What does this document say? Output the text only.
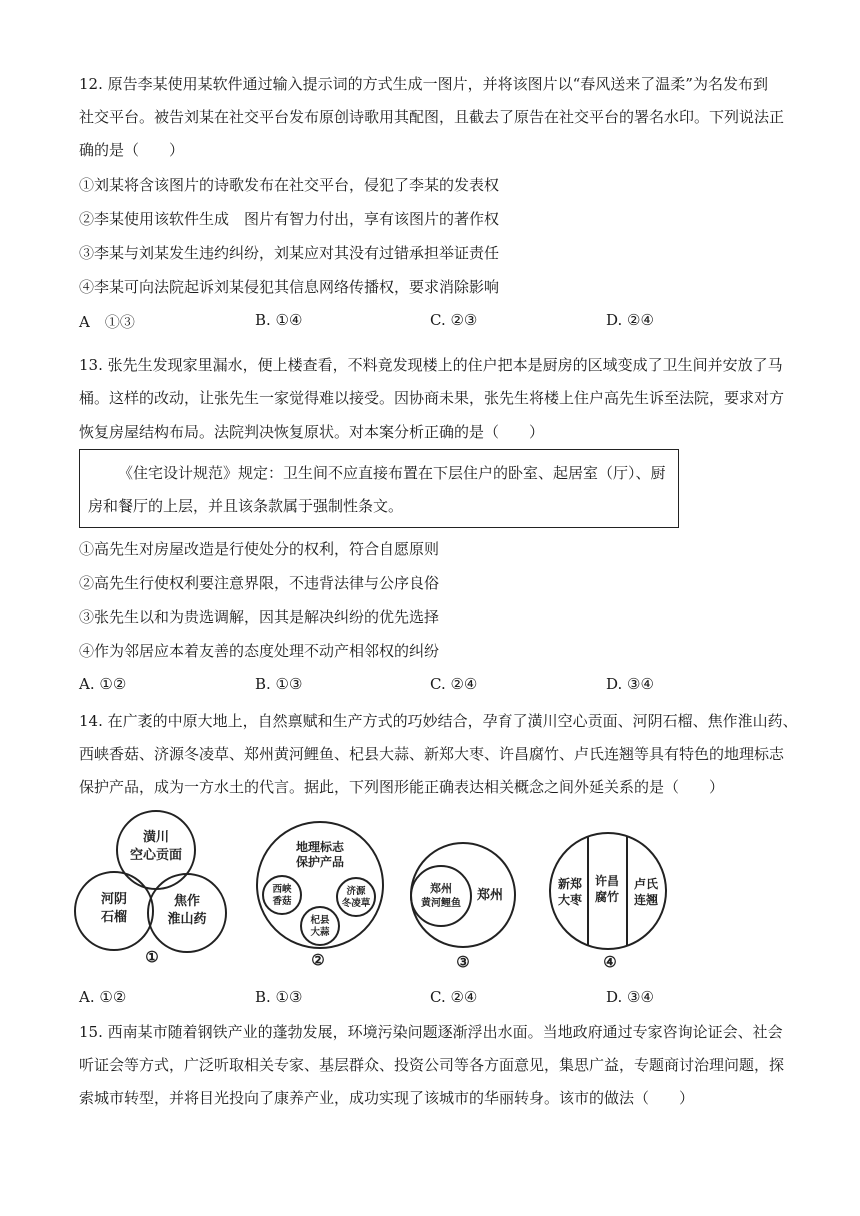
12. 原告李某使用某软件通过输入提示词的方式生成一图片，并将该图片以“春风送来了温柔”为名发布到
社交平台。被告刘某在社交平台发布原创诗歌用其配图，且截去了原告在社交平台的署名水印。下列说法正
确的是（　　）
①刘某将含该图片的诗歌发布在社交平台，侵犯了李某的发表权
②李某使用该软件生成　图片有智力付出，享有该图片的著作权
③李某与刘某发生违约纠纷，刘某应对其没有过错承担举证责任
④李某可向法院起诉刘某侵犯其信息网络传播权，要求消除影响
A　①③	B. ①④	C. ②③	D. ②④
13. 张先生发现家里漏水，便上楼查看，不料竟发现楼上的住户把本是厨房的区域变成了卫生间并安放了马
桶。这样的改动，让张先生一家觉得难以接受。因协商未果，张先生将楼上住户高先生诉至法院，要求对方
恢复房屋结构布局。法院判决恢复原状。对本案分析正确的是（　　）
《住宅设计规范》规定：卫生间不应直接布置在下层住户的卧室、起居室（厅）、厨
房和餐厅的上层，并且该条款属于强制性条文。
①高先生对房屋改造是行使处分的权利，符合自愿原则
②高先生行使权利要注意界限，不违背法律与公序良俗
③张先生以和为贵选调解，因其是解决纠纷的优先选择
④作为邻居应本着友善的态度处理不动产相邻权的纠纷
A. ①②	B. ①③	C. ②④	D. ③④
14. 在广袤的中原大地上，自然禀赋和生产方式的巧妙结合，孕育了潢川空心贡面、河阴石榴、焦作淮山药、
西峡香菇、济源冬凌草、郑州黄河鲤鱼、杞县大蒜、新郑大枣、许昌腐竹、卢氏连翘等具有特色的地理标志
保护产品，成为一方水土的代言。据此，下列图形能正确表达相关概念之间外延关系的是（　　）
潢川
空心贡面
河阴
石榴
焦作
淮山药
①
地理标志
保护产品
西峡
香菇
济源
冬凌草
杞县
大蒜
②
郑州
黄河鲤鱼
郑州
③
新郑
大枣
许昌
腐竹
卢氏
连翘
④
A. ①②	B. ①③	C. ②④	D. ③④
15. 西南某市随着钢铁产业的蓬勃发展，环境污染问题逐渐浮出水面。当地政府通过专家咨询论证会、社会
听证会等方式，广泛听取相关专家、基层群众、投资公司等各方面意见，集思广益，专题商讨治理问题，探
索城市转型，并将目光投向了康养产业，成功实现了该城市的华丽转身。该市的做法（　　）
